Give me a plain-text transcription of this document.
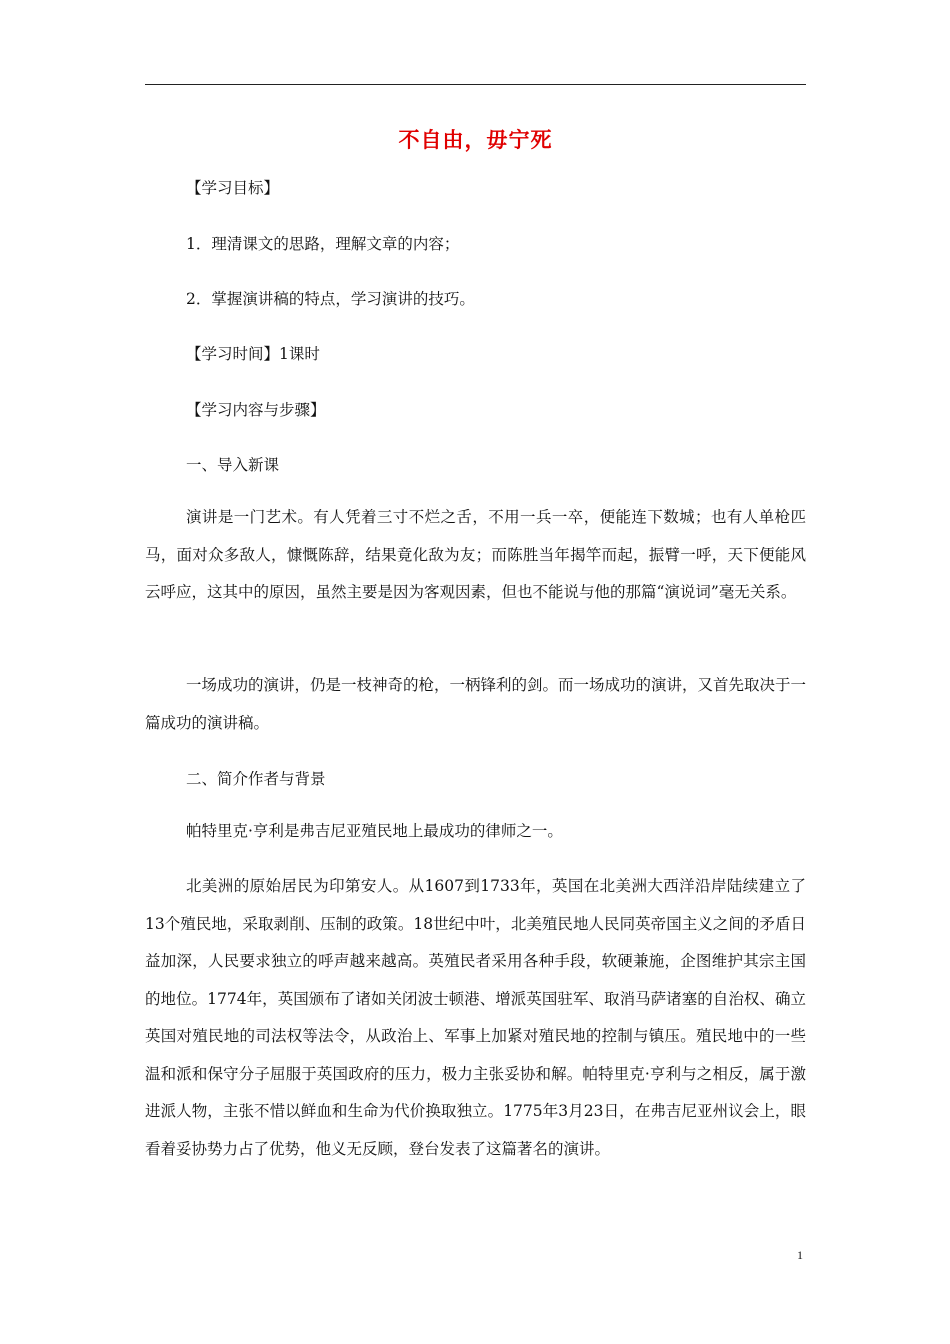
不自由，毋宁死
【学习目标】
1．理清课文的思路，理解文章的内容；
2．掌握演讲稿的特点，学习演讲的技巧。
【学习时间】1课时
【学习内容与步骤】
一、导入新课
演讲是一门艺术。有人凭着三寸不烂之舌，不用一兵一卒，便能连下数城；也有人单枪匹马，面对众多敌人，慷慨陈辞，结果竟化敌为友；而陈胜当年揭竿而起，振臂一呼，天下便能风云呼应，这其中的原因，虽然主要是因为客观因素，但也不能说与他的那篇“演说词”毫无关系。
一场成功的演讲，仍是一枝神奇的枪，一柄锋利的剑。而一场成功的演讲，又首先取决于一篇成功的演讲稿。
二、简介作者与背景
帕特里克·亨利是弗吉尼亚殖民地上最成功的律师之一。
北美洲的原始居民为印第安人。从1607到1733年，英国在北美洲大西洋沿岸陆续建立了13个殖民地，采取剥削、压制的政策。18世纪中叶，北美殖民地人民同英帝国主义之间的矛盾日益加深，人民要求独立的呼声越来越高。英殖民者采用各种手段，软硬兼施，企图维护其宗主国的地位。1774年，英国颁布了诸如关闭波士顿港、增派英国驻军、取消马萨诸塞的自治权、确立英国对殖民地的司法权等法令，从政治上、军事上加紧对殖民地的控制与镇压。殖民地中的一些温和派和保守分子屈服于英国政府的压力，极力主张妥协和解。帕特里克·亨利与之相反，属于激进派人物，主张不惜以鲜血和生命为代价换取独立。1775年3月23日，在弗吉尼亚州议会上，眼看着妥协势力占了优势，他义无反顾，登台发表了这篇著名的演讲。
1
